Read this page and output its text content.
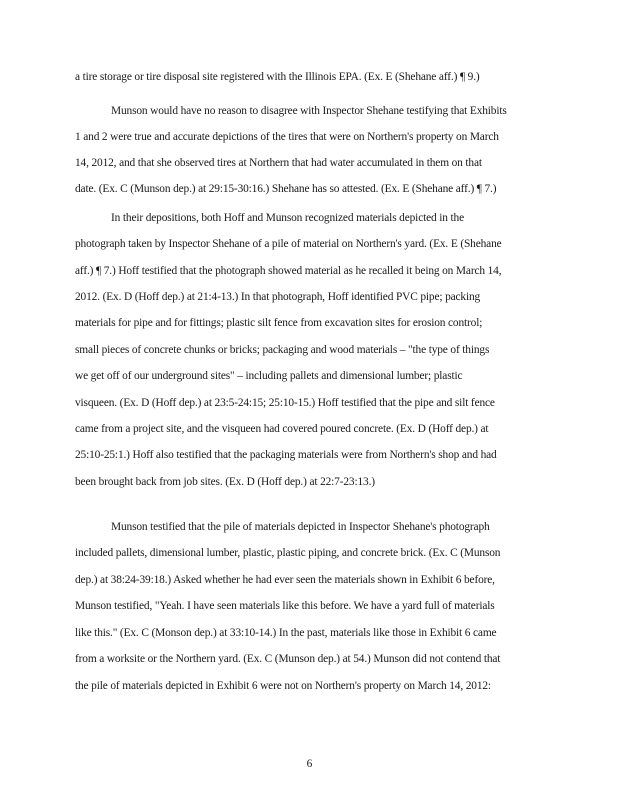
a tire storage or tire disposal site registered with the Illinois EPA. (Ex. E (Shehane aff.) ¶ 9.)
Munson would have no reason to disagree with Inspector Shehane testifying that Exhibits
1 and 2 were true and accurate depictions of the tires that were on Northern's property on March
14, 2012, and that she observed tires at Northern that had water accumulated in them on that
date. (Ex. C (Munson dep.) at 29:15-30:16.) Shehane has so attested. (Ex. E (Shehane aff.) ¶ 7.)
In their depositions, both Hoff and Munson recognized materials depicted in the
photograph taken by Inspector Shehane of a pile of material on Northern's yard. (Ex. E (Shehane
aff.) ¶ 7.) Hoff testified that the photograph showed material as he recalled it being on March 14,
2012. (Ex. D (Hoff dep.) at 21:4-13.) In that photograph, Hoff identified PVC pipe; packing
materials for pipe and for fittings; plastic silt fence from excavation sites for erosion control;
small pieces of concrete chunks or bricks; packaging and wood materials – "the type of things
we get off of our underground sites" – including pallets and dimensional lumber; plastic
visqueen. (Ex. D (Hoff dep.) at 23:5-24:15; 25:10-15.) Hoff testified that the pipe and silt fence
came from a project site, and the visqueen had covered poured concrete. (Ex. D (Hoff dep.) at
25:10-25:1.) Hoff also testified that the packaging materials were from Northern's shop and had
been brought back from job sites. (Ex. D (Hoff dep.) at 22:7-23:13.)
Munson testified that the pile of materials depicted in Inspector Shehane's photograph
included pallets, dimensional lumber, plastic, plastic piping, and concrete brick. (Ex. C (Munson
dep.) at 38:24-39:18.) Asked whether he had ever seen the materials shown in Exhibit 6 before,
Munson testified, "Yeah. I have seen materials like this before. We have a yard full of materials
like this." (Ex. C (Monson dep.) at 33:10-14.) In the past, materials like those in Exhibit 6 came
from a worksite or the Northern yard. (Ex. C (Munson dep.) at 54.) Munson did not contend that
the pile of materials depicted in Exhibit 6 were not on Northern's property on March 14, 2012:
6
